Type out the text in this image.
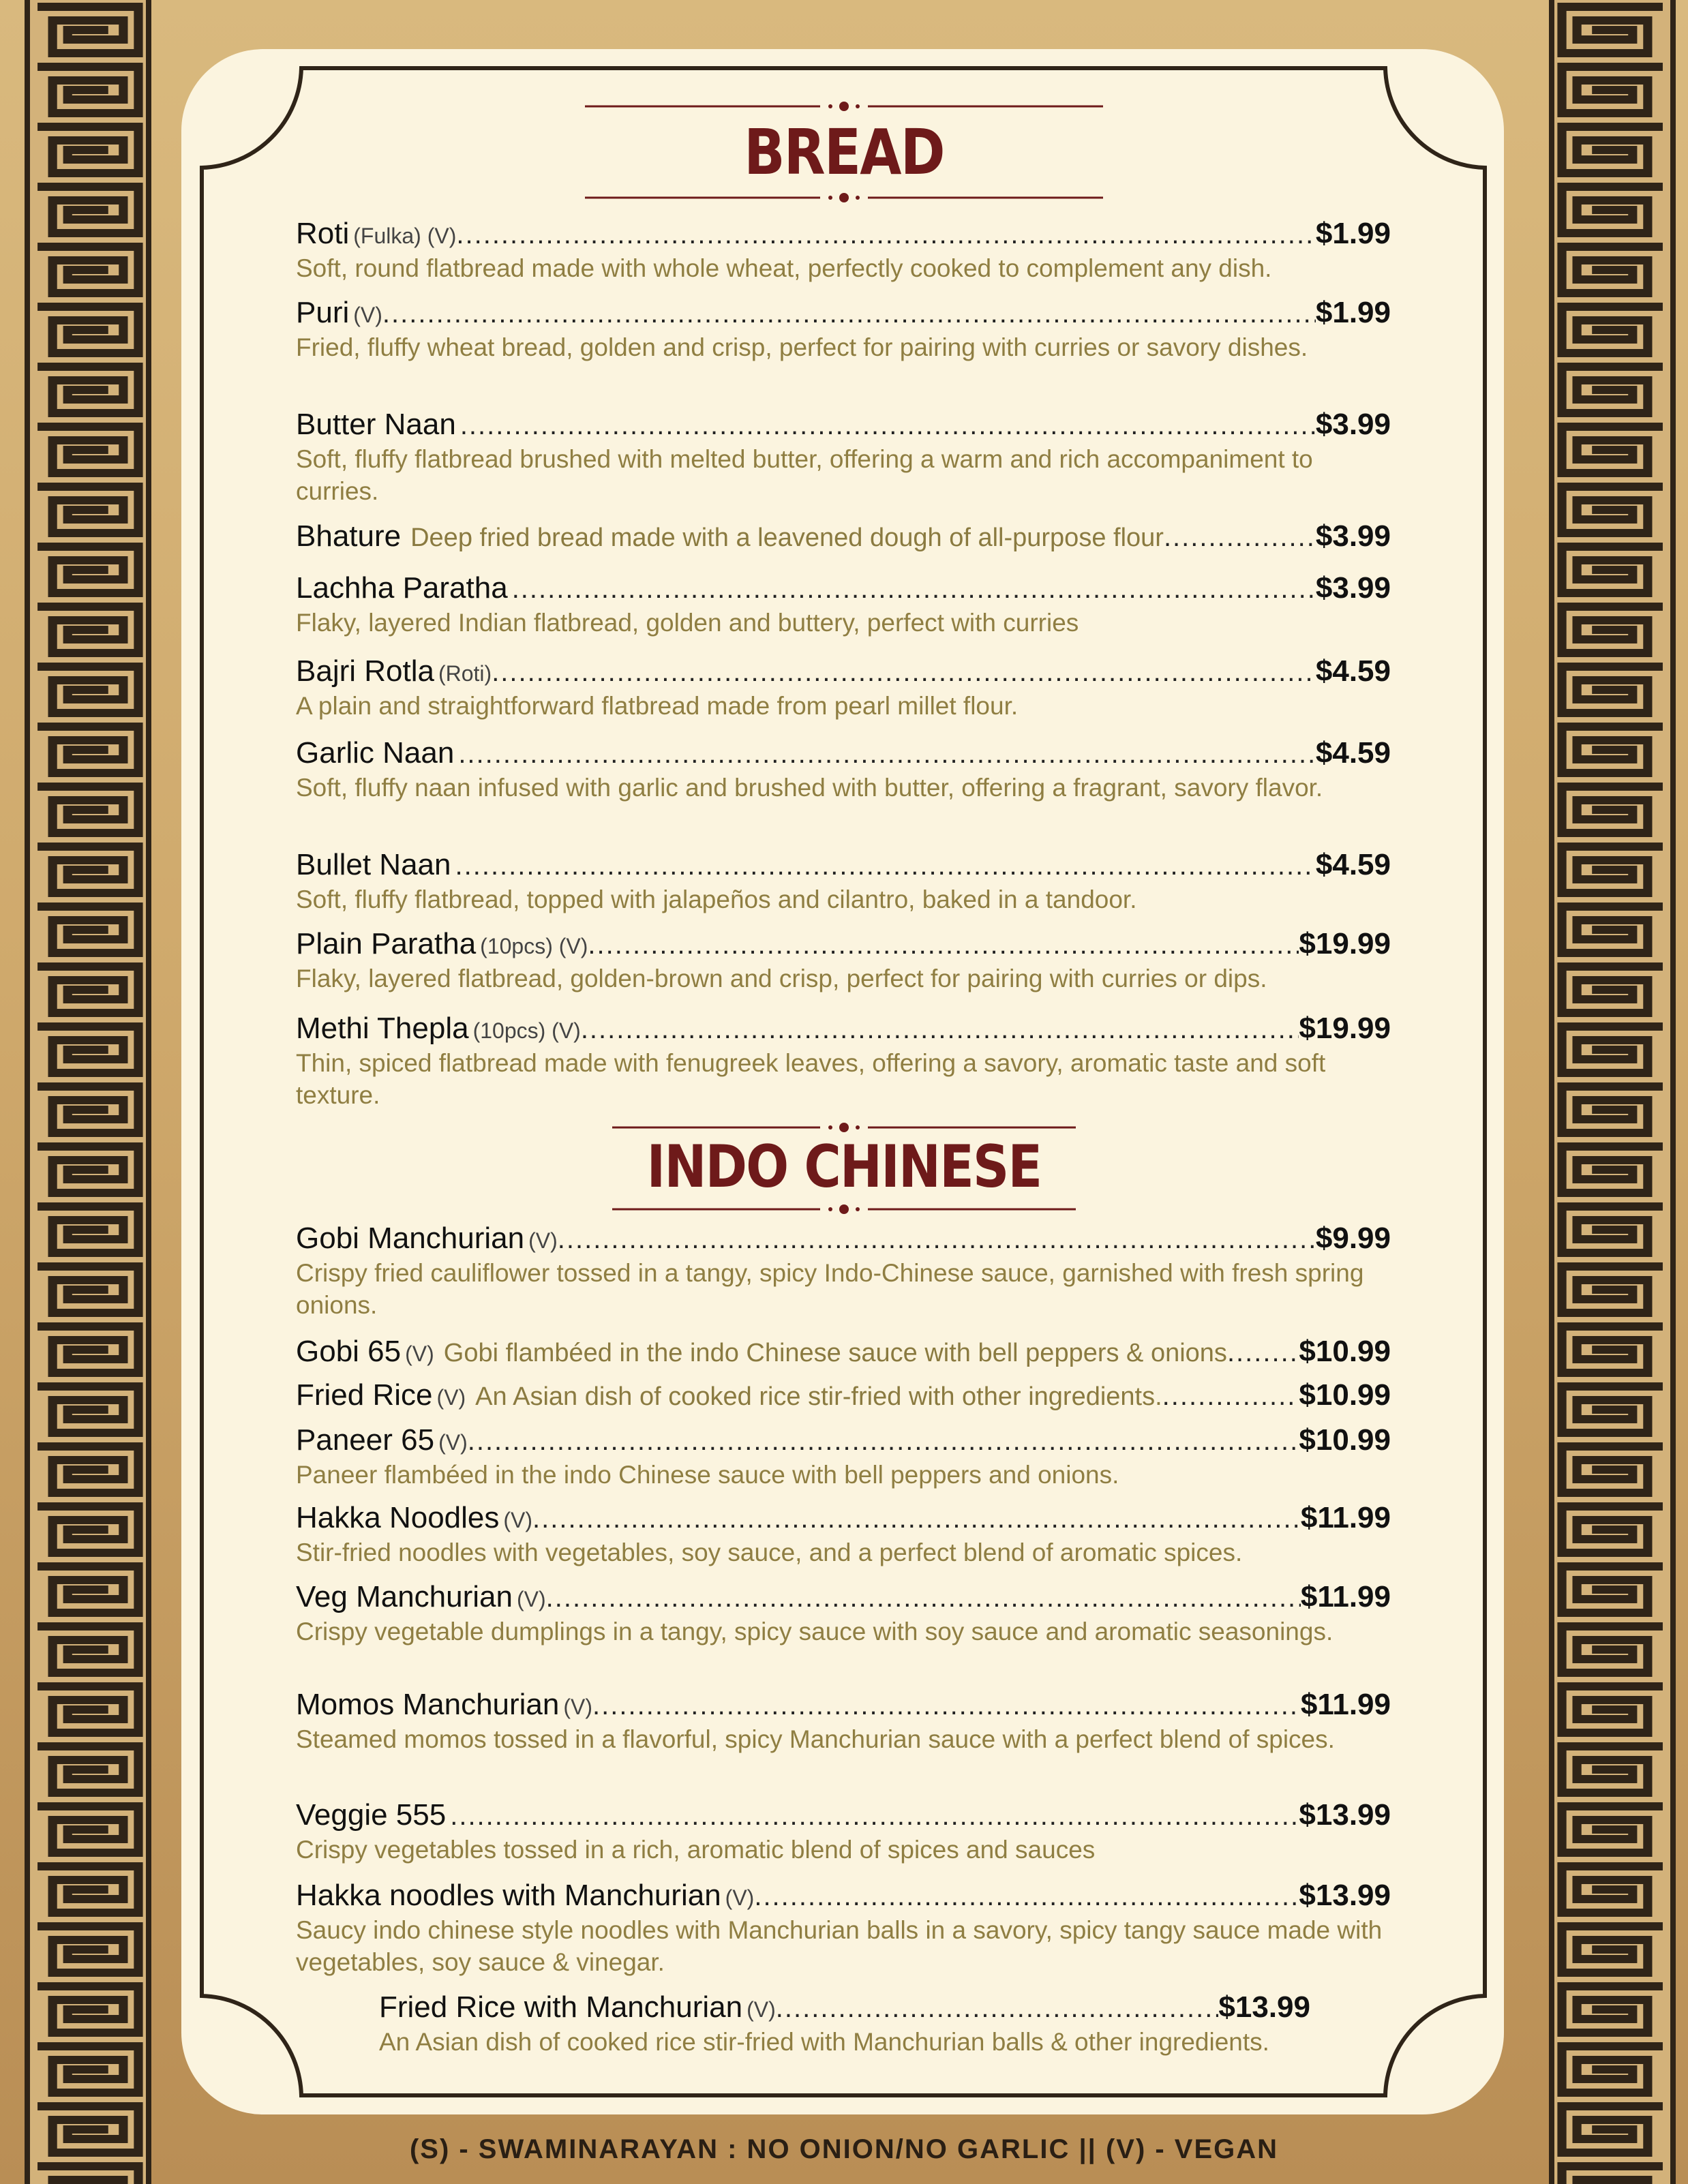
BREAD
Roti (Fulka) (V) .....	$1.99
Soft, round flatbread made with whole wheat, perfectly cooked to complement any dish.
Puri (V) .....	$1.99
Fried, fluffy wheat bread, golden and crisp, perfect for pairing with curries or savory dishes.
Butter Naan .....	$3.99
Soft, fluffy flatbread brushed with melted butter, offering a warm and rich accompaniment to curries.
Bhature Deep fried bread made with a leavened dough of all-purpose flour .....	$3.99
Lachha Paratha .....	$3.99
Flaky, layered Indian flatbread, golden and buttery, perfect with curries
Bajri Rotla (Roti) .....	$4.59
A plain and straightforward flatbread made from pearl millet flour.
Garlic Naan .....	$4.59
Soft, fluffy naan infused with garlic and brushed with butter, offering a fragrant, savory flavor.
Bullet Naan .....	$4.59
Soft, fluffy flatbread, topped with jalapeños and cilantro, baked in a tandoor.
Plain Paratha (10pcs) (V) .....	$19.99
Flaky, layered flatbread, golden-brown and crisp, perfect for pairing with curries or dips.
Methi Thepla (10pcs) (V) .....	$19.99
Thin, spiced flatbread made with fenugreek leaves, offering a savory, aromatic taste and soft texture.
INDO CHINESE
Gobi Manchurian (V) .....	$9.99
Crispy fried cauliflower tossed in a tangy, spicy Indo-Chinese sauce, garnished with fresh spring onions.
Gobi 65 (V) Gobi flambéed in the indo Chinese sauce with bell peppers & onions ..... $10.99
Fried Rice (V) An Asian dish of cooked rice stir-fried with other ingredients. .....	$10.99
Paneer 65 (V) .....	$10.99
Paneer flambéed in the indo Chinese sauce with bell peppers and onions.
Hakka Noodles (V) .....	$11.99
Stir-fried noodles with vegetables, soy sauce, and a perfect blend of aromatic spices.
Veg Manchurian (V) .....	$11.99
Crispy vegetable dumplings in a tangy, spicy sauce with soy sauce and aromatic seasonings.
Momos Manchurian (V) .....	$11.99
Steamed momos tossed in a flavorful, spicy Manchurian sauce with a perfect blend of spices.
Veggie 555 .....	$13.99
Crispy vegetables tossed in a rich, aromatic blend of spices and sauces
Hakka noodles with Manchurian (V) .....	$13.99
Saucy indo chinese style noodles with Manchurian balls in a savory, spicy tangy sauce made with vegetables, soy sauce & vinegar.
Fried Rice with Manchurian (V) .....	$13.99
An Asian dish of cooked rice stir-fried with Manchurian balls & other ingredients.
(S) - SWAMINARAYAN : NO ONION/NO GARLIC || (V) - VEGAN
